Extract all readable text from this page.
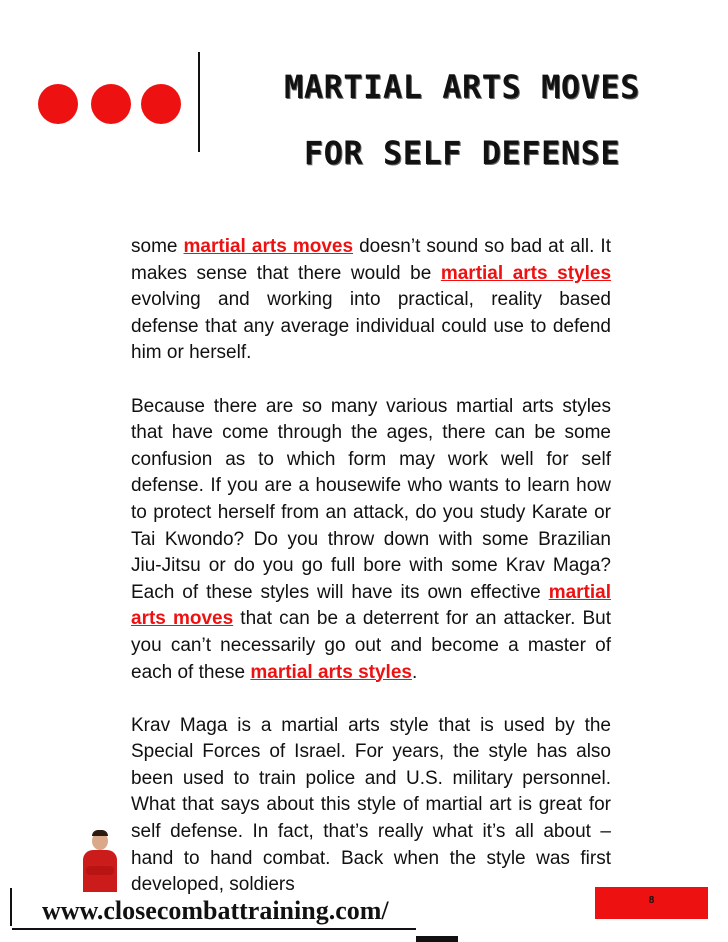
MARTIAL ARTS MOVES
FOR SELF DEFENSE

some martial arts moves doesn’t sound so bad at all. It makes sense that there would be martial arts styles evolving and working into practical, reality based defense that any average individual could use to defend him or herself.

Because there are so many various martial arts styles that have come through the ages, there can be some confusion as to which form may work well for self defense. If you are a housewife who wants to learn how to protect herself from an attack, do you study Karate or Tai Kwondo? Do you throw down with some Brazilian Jiu-Jitsu or do you go full bore with some Krav Maga? Each of these styles will have its own effective martial arts moves that can be a deterrent for an attacker. But you can’t necessarily go out and become a master of each of these martial arts styles.

Krav Maga is a martial arts style that is used by the Special Forces of Israel. For years, the style has also been used to train police and U.S. military personnel. What that says about this style of martial art is great for self defense. In fact, that’s really what it’s all about – hand to hand combat. Back when the style was first developed, soldiers

www.closecombattraining.com/	8
